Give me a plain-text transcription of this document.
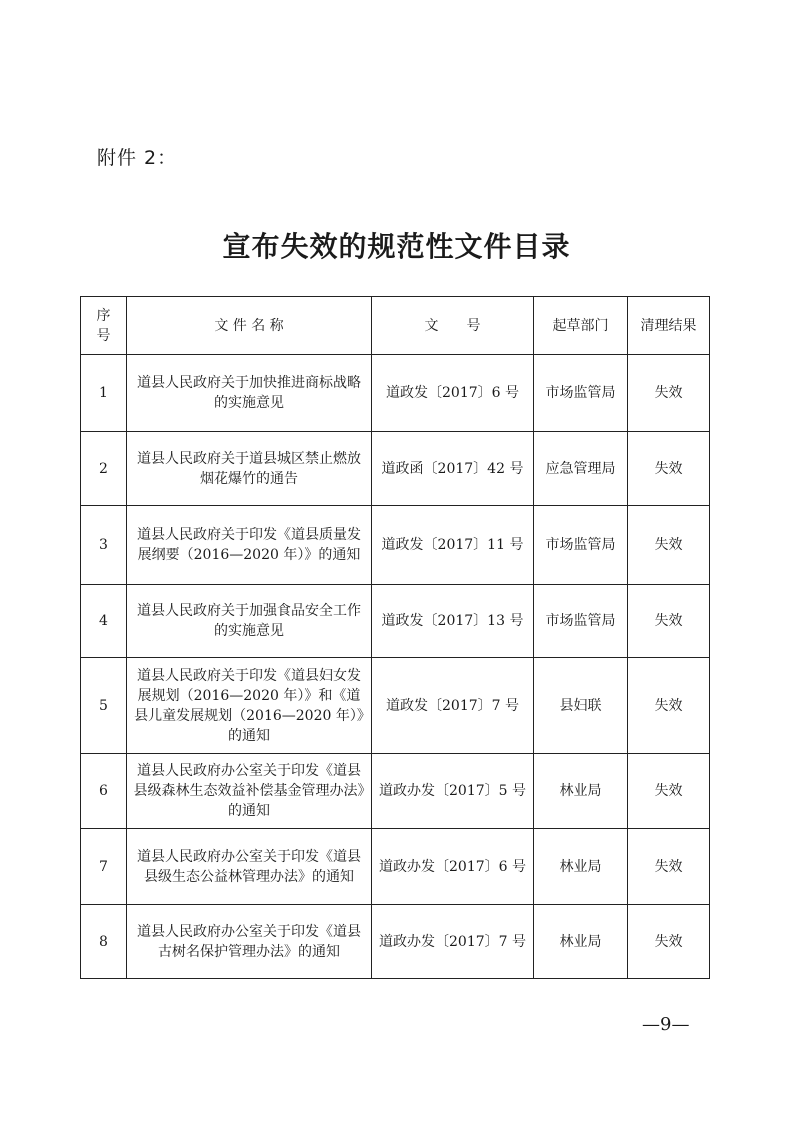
附件 2：
宣布失效的规范性文件目录
序号	文 件 名 称	文　　号	起草部门	清理结果
1	道县人民政府关于加快推进商标战略的实施意见	道政发〔2017〕6 号	市场监管局	失效
2	道县人民政府关于道县城区禁止燃放烟花爆竹的通告	道政函〔2017〕42 号	应急管理局	失效
3	道县人民政府关于印发《道县质量发展纲要（2016—2020 年）》的通知	道政发〔2017〕11 号	市场监管局	失效
4	道县人民政府关于加强食品安全工作的实施意见	道政发〔2017〕13 号	市场监管局	失效
5	道县人民政府关于印发《道县妇女发展规划（2016—2020 年）》和《道县儿童发展规划（2016—2020 年）》的通知	道政发〔2017〕7 号	县妇联	失效
6	道县人民政府办公室关于印发《道县县级森林生态效益补偿基金管理办法》的通知	道政办发〔2017〕5 号	林业局	失效
7	道县人民政府办公室关于印发《道县县级生态公益林管理办法》的通知	道政办发〔2017〕6 号	林业局	失效
8	道县人民政府办公室关于印发《道县古树名保护管理办法》的通知	道政办发〔2017〕7 号	林业局	失效
—9—
